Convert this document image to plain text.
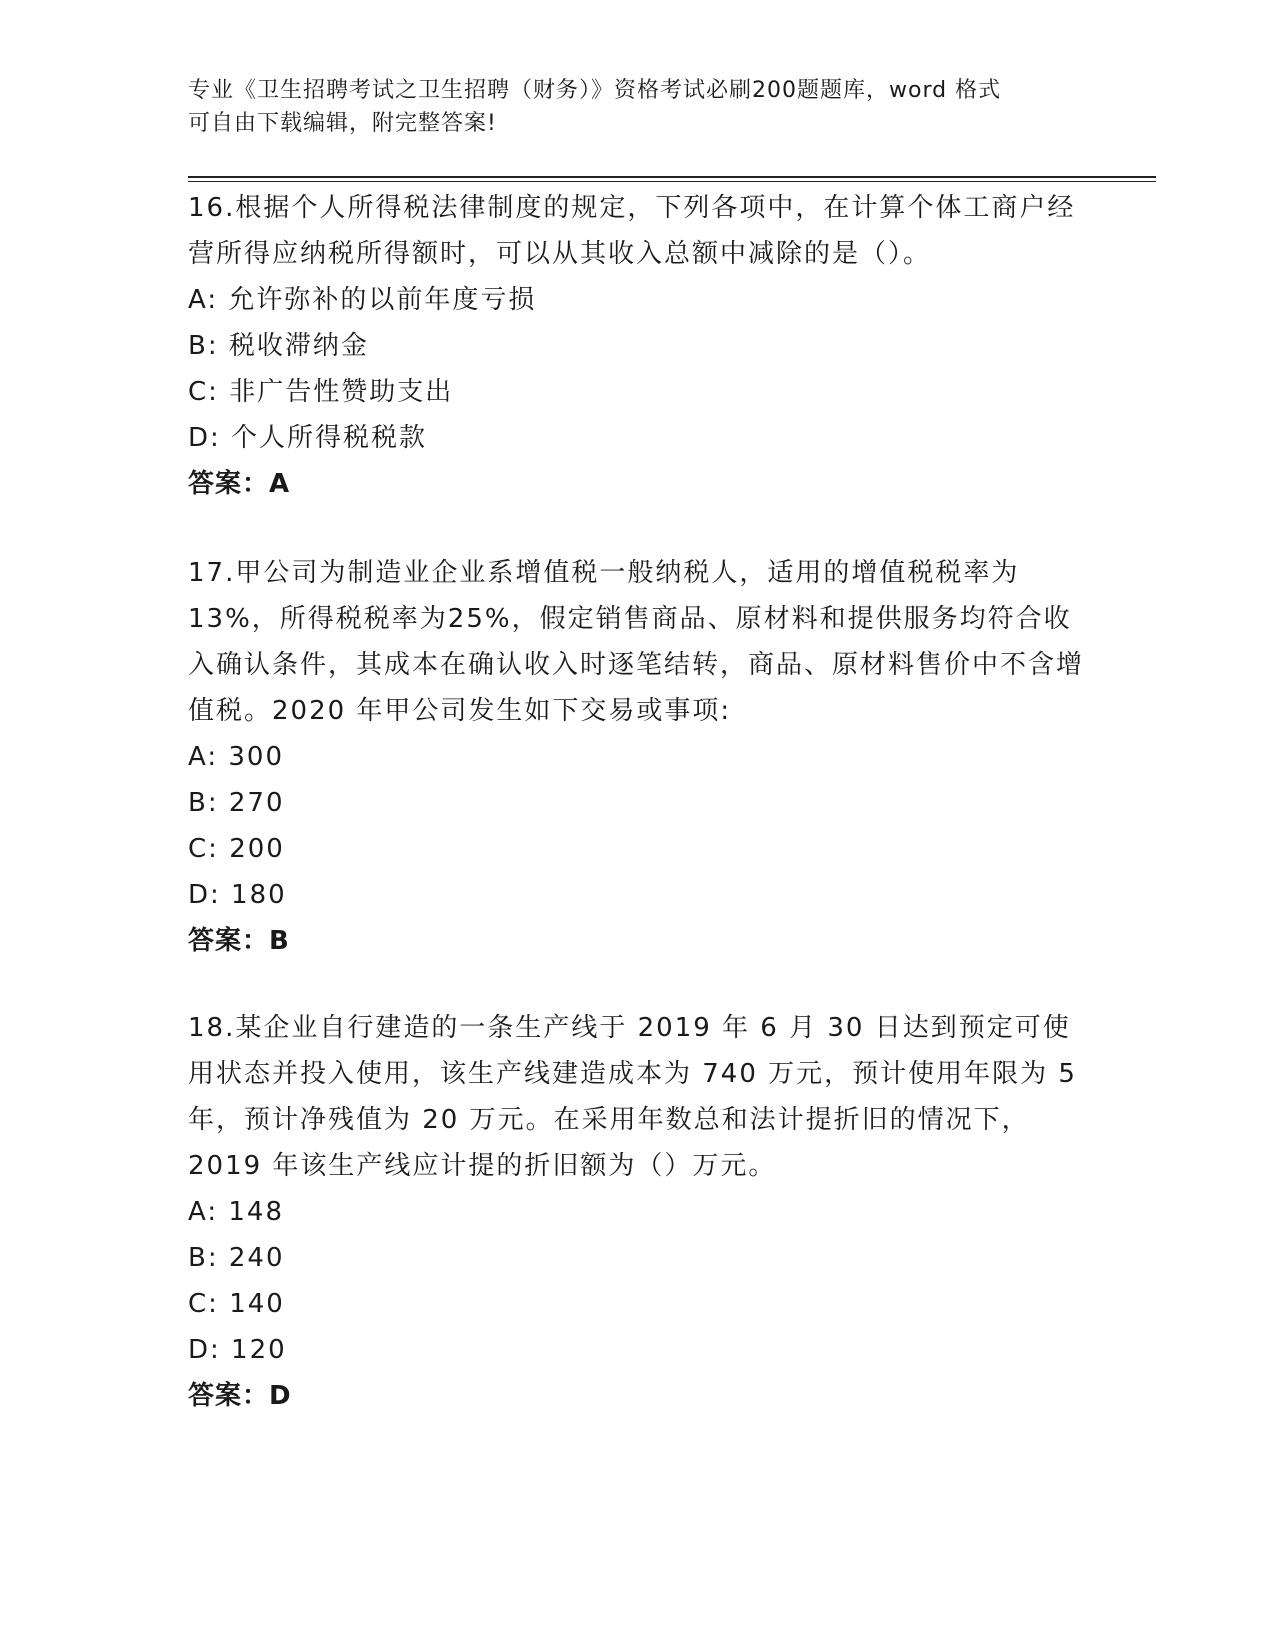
专业《卫生招聘考试之卫生招聘（财务）》资格考试必刷200题题库，word 格式
可自由下载编辑，附完整答案!

16.根据个人所得税法律制度的规定，下列各项中，在计算个体工商户经营所得应纳税所得额时，可以从其收入总额中减除的是（）。

A: 允许弥补的以前年度亏损

B: 税收滞纳金

C: 非广告性赞助支出

D: 个人所得税税款

答案：A

17.甲公司为制造业企业系增值税一般纳税人，适用的增值税税率为13%，所得税税率为25%，假定销售商品、原材料和提供服务均符合收入确认条件，其成本在确认收入时逐笔结转，商品、原材料售价中不含增值税。2020 年甲公司发生如下交易或事项:

A: 300

B: 270

C: 200

D: 180

答案：B

18.某企业自行建造的一条生产线于 2019 年 6 月 30 日达到预定可使用状态并投入使用，该生产线建造成本为 740 万元，预计使用年限为 5 年，预计净残值为 20 万元。在采用年数总和法计提折旧的情况下，2019 年该生产线应计提的折旧额为（）万元。

A: 148

B: 240

C: 140

D: 120

答案：D
